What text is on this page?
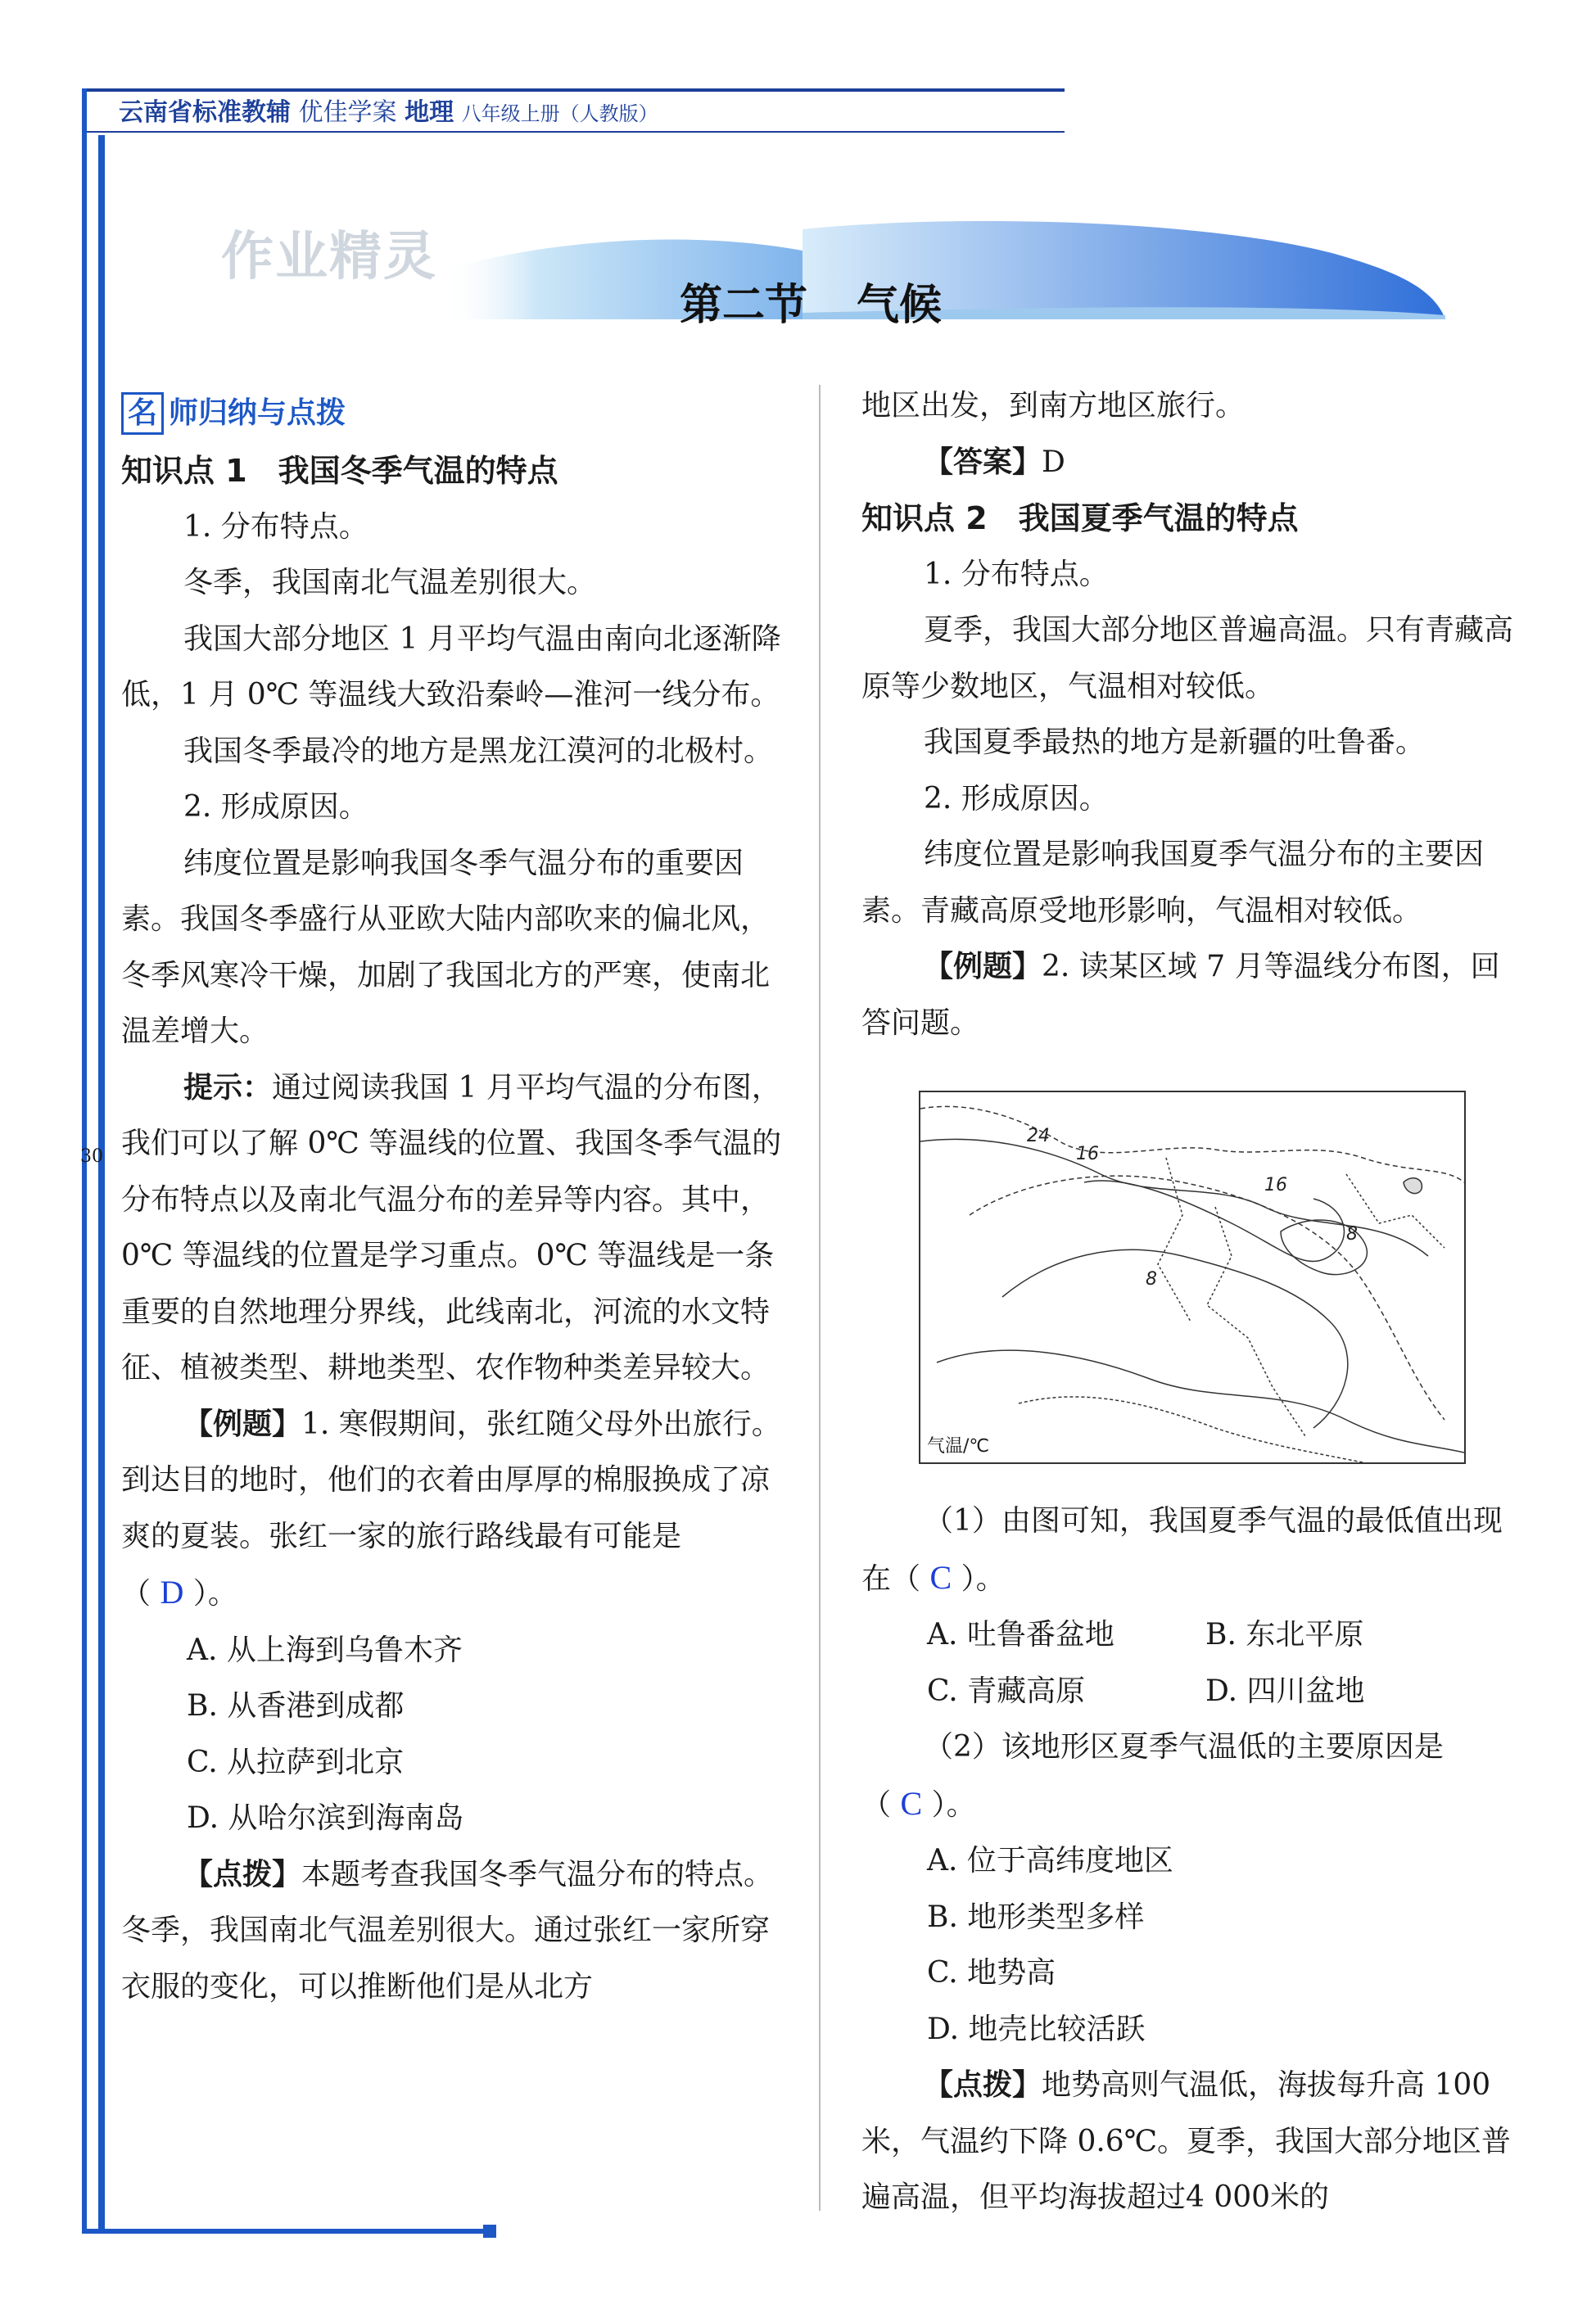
云南省标准教辅 优佳学案 地理 八年级上册（人教版）
30
作业精灵
第二节 气候
名 师归纳与点拨

知识点 1　我国冬季气温的特点

1. 分布特点。

冬季，我国南北气温差别很大。

我国大部分地区 1 月平均气温由南向北逐渐降低，1 月 0℃ 等温线大致沿秦岭—淮河一线分布。

我国冬季最冷的地方是黑龙江漠河的北极村。

2. 形成原因。

纬度位置是影响我国冬季气温分布的重要因素。我国冬季盛行从亚欧大陆内部吹来的偏北风，冬季风寒冷干燥，加剧了我国北方的严寒，使南北温差增大。

提示：通过阅读我国 1 月平均气温的分布图，我们可以了解 0℃ 等温线的位置、我国冬季气温的分布特点以及南北气温分布的差异等内容。其中，0℃ 等温线的位置是学习重点。0℃ 等温线是一条重要的自然地理分界线，此线南北，河流的水文特征、植被类型、耕地类型、农作物种类差异较大。

【例题】1. 寒假期间，张红随父母外出旅行。到达目的地时，他们的衣着由厚厚的棉服换成了凉爽的夏装。张红一家的旅行路线最有可能是（ D ）。

A. 从上海到乌鲁木齐

B. 从香港到成都

C. 从拉萨到北京

D. 从哈尔滨到海南岛

【点拨】本题考查我国冬季气温分布的特点。冬季，我国南北气温差别很大。通过张红一家所穿衣服的变化，可以推断他们是从北方

地区出发，到南方地区旅行。

【答案】D

知识点 2　我国夏季气温的特点

1. 分布特点。

夏季，我国大部分地区普遍高温。只有青藏高原等少数地区，气温相对较低。

我国夏季最热的地方是新疆的吐鲁番。

2. 形成原因。

纬度位置是影响我国夏季气温分布的主要因素。青藏高原受地形影响，气温相对较低。

【例题】2. 读某区域 7 月等温线分布图，回答问题。

（1）由图可知，我国夏季气温的最低值出现在（ C ）。

A. 吐鲁番盆地	B. 东北平原
C. 青藏高原	D. 四川盆地

（2）该地形区夏季气温低的主要原因是（ C ）。

A. 位于高纬度地区

B. 地形类型多样

C. 地势高

D. 地壳比较活跃

【点拨】地势高则气温低，海拔每升高 100 米，气温约下降 0.6℃。夏季，我国大部分地区普遍高温，但平均海拔超过4 000米的

24
16
16
8
8
气温/℃
